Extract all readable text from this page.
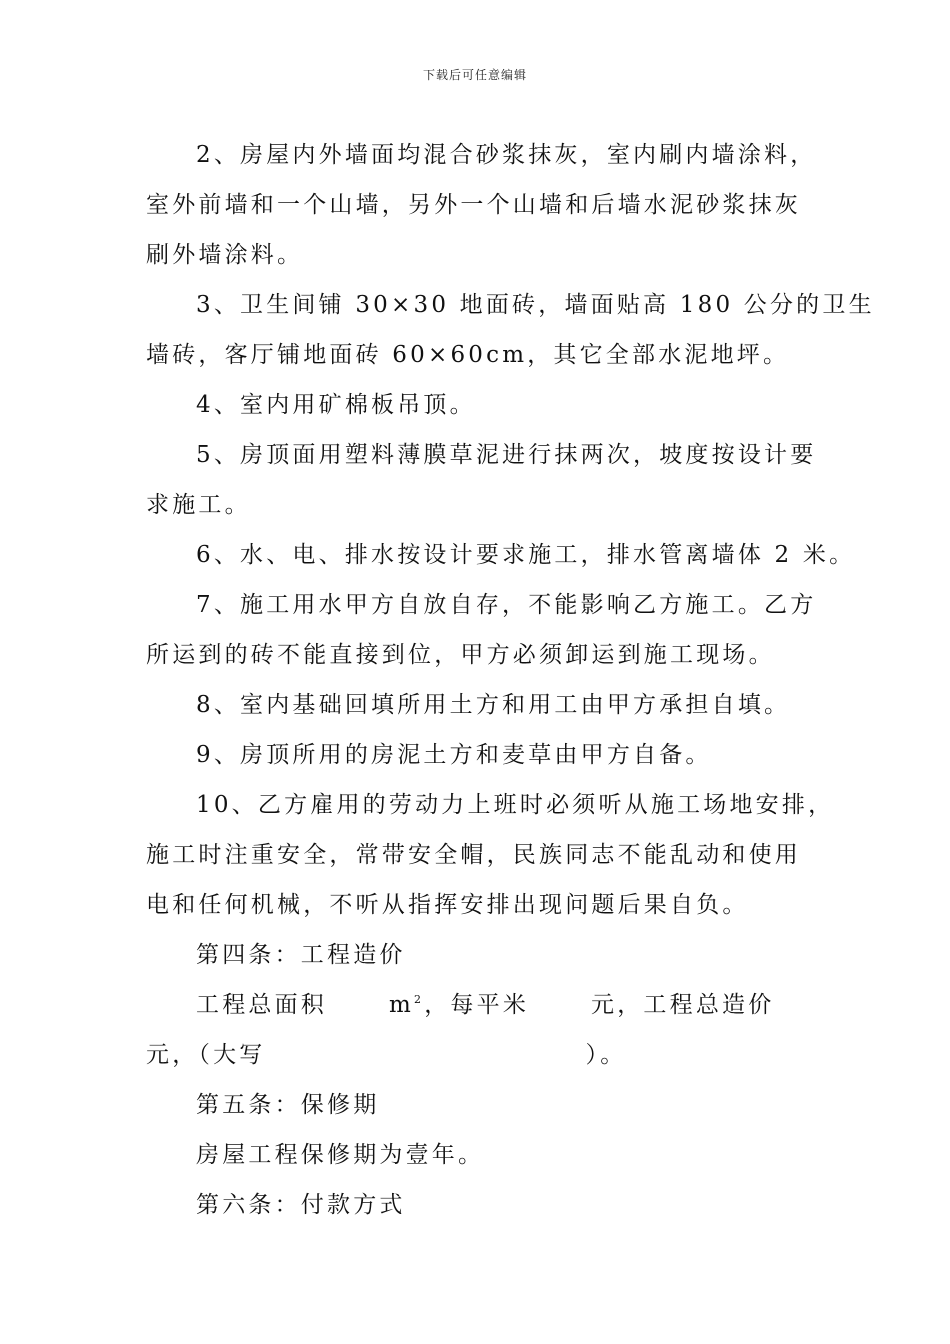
下载后可任意编辑
2、房屋内外墙面均混合砂浆抹灰，室内刷内墙涂料，
室外前墙和一个山墙，另外一个山墙和后墙水泥砂浆抹灰
刷外墙涂料。
3、卫生间铺 30×30 地面砖，墙面贴高 180 公分的卫生
墙砖，客厅铺地面砖 60×60cm，其它全部水泥地坪。
4、室内用矿棉板吊顶。
5、房顶面用塑料薄膜草泥进行抹两次，坡度按设计要
求施工。
6、水、电、排水按设计要求施工，排水管离墙体 2 米。
7、施工用水甲方自放自存，不能影响乙方施工。乙方
所运到的砖不能直接到位，甲方必须卸运到施工现场。
8、室内基础回填所用土方和用工由甲方承担自填。
9、房顶所用的房泥土方和麦草由甲方自备。
10、乙方雇用的劳动力上班时必须听从施工场地安排，
施工时注重安全，常带安全帽，民族同志不能乱动和使用
电和任何机械，不听从指挥安排出现问题后果自负。
第四条：工程造价
工程总面积	$m^2$，每平米	元，工程总造价
元，（大写	）。
第五条：保修期
房屋工程保修期为壹年。
第六条：付款方式
